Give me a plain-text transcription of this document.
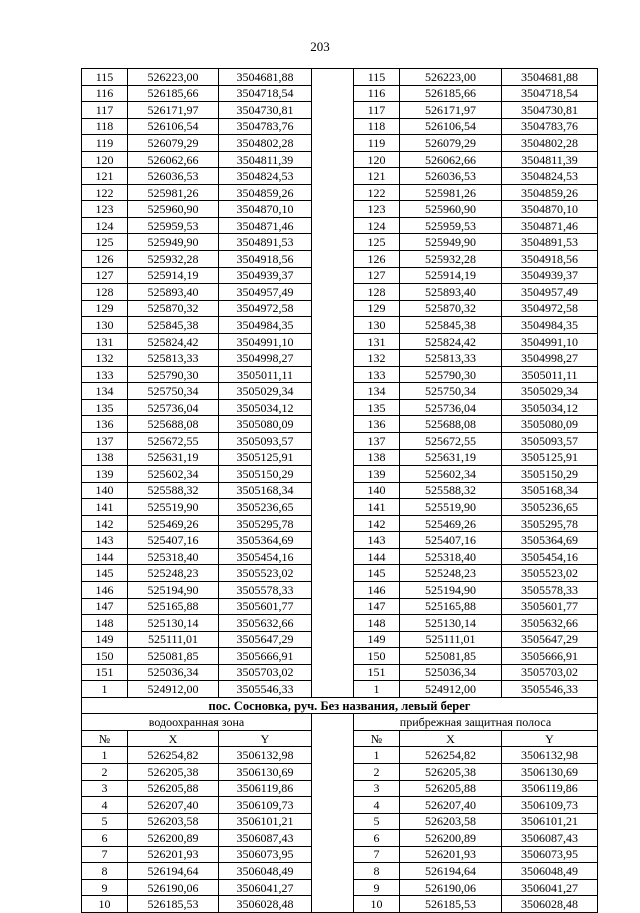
203
115	526223,00	3504681,88		115	526223,00	3504681,88
116	526185,66	3504718,54		116	526185,66	3504718,54
117	526171,97	3504730,81		117	526171,97	3504730,81
118	526106,54	3504783,76		118	526106,54	3504783,76
119	526079,29	3504802,28		119	526079,29	3504802,28
120	526062,66	3504811,39		120	526062,66	3504811,39
121	526036,53	3504824,53		121	526036,53	3504824,53
122	525981,26	3504859,26		122	525981,26	3504859,26
123	525960,90	3504870,10		123	525960,90	3504870,10
124	525959,53	3504871,46		124	525959,53	3504871,46
125	525949,90	3504891,53		125	525949,90	3504891,53
126	525932,28	3504918,56		126	525932,28	3504918,56
127	525914,19	3504939,37		127	525914,19	3504939,37
128	525893,40	3504957,49		128	525893,40	3504957,49
129	525870,32	3504972,58		129	525870,32	3504972,58
130	525845,38	3504984,35		130	525845,38	3504984,35
131	525824,42	3504991,10		131	525824,42	3504991,10
132	525813,33	3504998,27		132	525813,33	3504998,27
133	525790,30	3505011,11		133	525790,30	3505011,11
134	525750,34	3505029,34		134	525750,34	3505029,34
135	525736,04	3505034,12		135	525736,04	3505034,12
136	525688,08	3505080,09		136	525688,08	3505080,09
137	525672,55	3505093,57		137	525672,55	3505093,57
138	525631,19	3505125,91		138	525631,19	3505125,91
139	525602,34	3505150,29		139	525602,34	3505150,29
140	525588,32	3505168,34		140	525588,32	3505168,34
141	525519,90	3505236,65		141	525519,90	3505236,65
142	525469,26	3505295,78		142	525469,26	3505295,78
143	525407,16	3505364,69		143	525407,16	3505364,69
144	525318,40	3505454,16		144	525318,40	3505454,16
145	525248,23	3505523,02		145	525248,23	3505523,02
146	525194,90	3505578,33		146	525194,90	3505578,33
147	525165,88	3505601,77		147	525165,88	3505601,77
148	525130,14	3505632,66		148	525130,14	3505632,66
149	525111,01	3505647,29		149	525111,01	3505647,29
150	525081,85	3505666,91		150	525081,85	3505666,91
151	525036,34	3505703,02		151	525036,34	3505703,02
1	524912,00	3505546,33		1	524912,00	3505546,33
пос. Сосновка, руч. Без названия, левый берег						
водоохранная зона				прибрежная защитная полоса		
№	X	Y		№	X	Y
1	526254,82	3506132,98		1	526254,82	3506132,98
2	526205,38	3506130,69		2	526205,38	3506130,69
3	526205,88	3506119,86		3	526205,88	3506119,86
4	526207,40	3506109,73		4	526207,40	3506109,73
5	526203,58	3506101,21		5	526203,58	3506101,21
6	526200,89	3506087,43		6	526200,89	3506087,43
7	526201,93	3506073,95		7	526201,93	3506073,95
8	526194,64	3506048,49		8	526194,64	3506048,49
9	526190,06	3506041,27		9	526190,06	3506041,27
10	526185,53	3506028,48		10	526185,53	3506028,48
